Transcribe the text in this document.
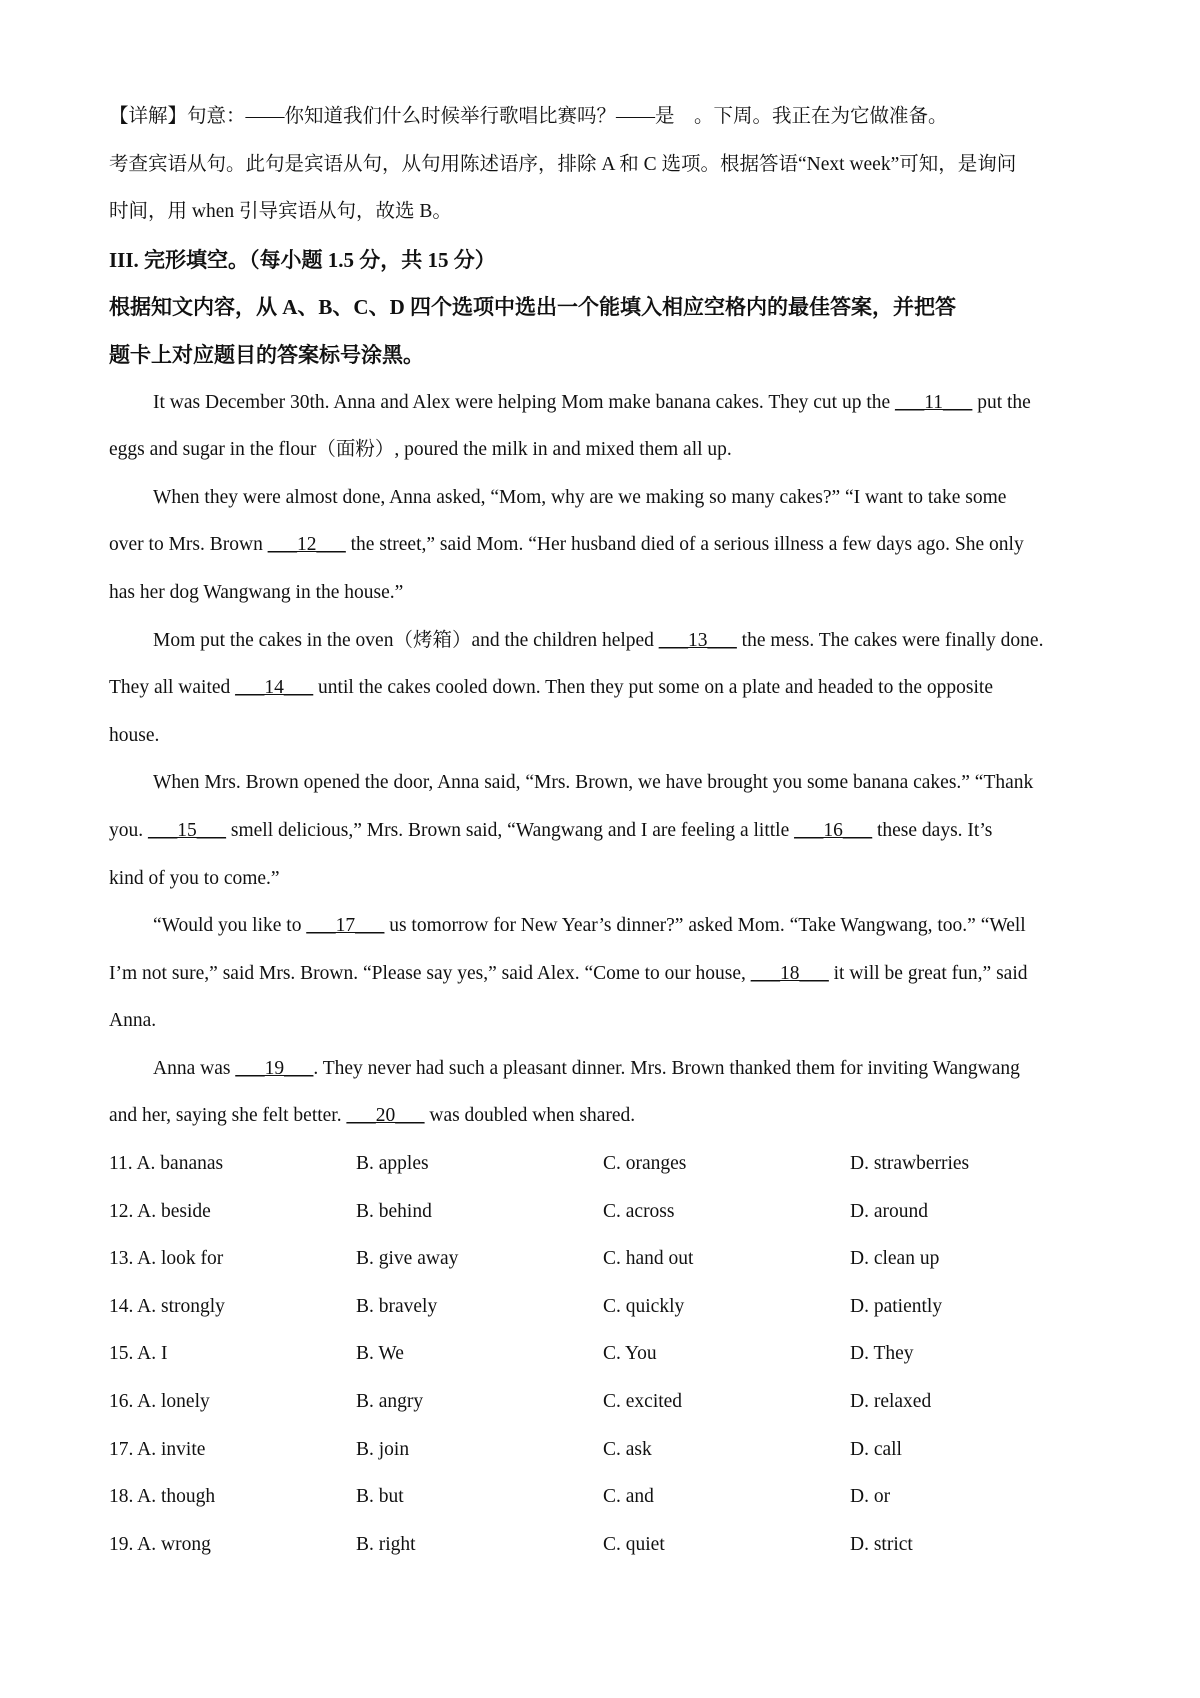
【详解】句意：——你知道我们什么时候举行歌唱比赛吗？——是　。下周。我正在为它做准备。
考查宾语从句。此句是宾语从句，从句用陈述语序，排除 A 和 C 选项。根据答语“Next week”可知，是询问
时间，用 when 引导宾语从句，故选 B。
III. 完形填空。（每小题 1.5 分，共 15 分）
根据知文内容，从 A、B、C、D 四个选项中选出一个能填入相应空格内的最佳答案，并把答
题卡上对应题目的答案标号涂黑。
It was December 30th. Anna and Alex were helping Mom make banana cakes. They cut up the ___11___ put the
eggs and sugar in the flour（面粉）, poured the milk in and mixed them all up.
When they were almost done, Anna asked, “Mom, why are we making so many cakes?” “I want to take some
over to Mrs. Brown ___12___ the street,” said Mom. “Her husband died of a serious illness a few days ago. She only
has her dog Wangwang in the house.”
Mom put the cakes in the oven（烤箱）and the children helped ___13___ the mess. The cakes were finally done.
They all waited ___14___ until the cakes cooled down. Then they put some on a plate and headed to the opposite
house.
When Mrs. Brown opened the door, Anna said, “Mrs. Brown, we have brought you some banana cakes.” “Thank
you. ___15___ smell delicious,” Mrs. Brown said, “Wangwang and I are feeling a little ___16___ these days. It’s
kind of you to come.”
“Would you like to ___17___ us tomorrow for New Year’s dinner?” asked Mom. “Take Wangwang, too.” “Well
I’m not sure,” said Mrs. Brown. “Please say yes,” said Alex. “Come to our house, ___18___ it will be great fun,” said
Anna.
Anna was ___19___. They never had such a pleasant dinner. Mrs. Brown thanked them for inviting Wangwang
and her, saying she felt better. ___20___ was doubled when shared.
11. A. bananas	B. apples	C. oranges	D. strawberries
12. A. beside	B. behind	C. across	D. around
13. A. look for	B. give away	C. hand out	D. clean up
14. A. strongly	B. bravely	C. quickly	D. patiently
15. A. I	B. We	C. You	D. They
16. A. lonely	B. angry	C. excited	D. relaxed
17. A. invite	B. join	C. ask	D. call
18. A. though	B. but	C. and	D. or
19. A. wrong	B. right	C. quiet	D. strict
